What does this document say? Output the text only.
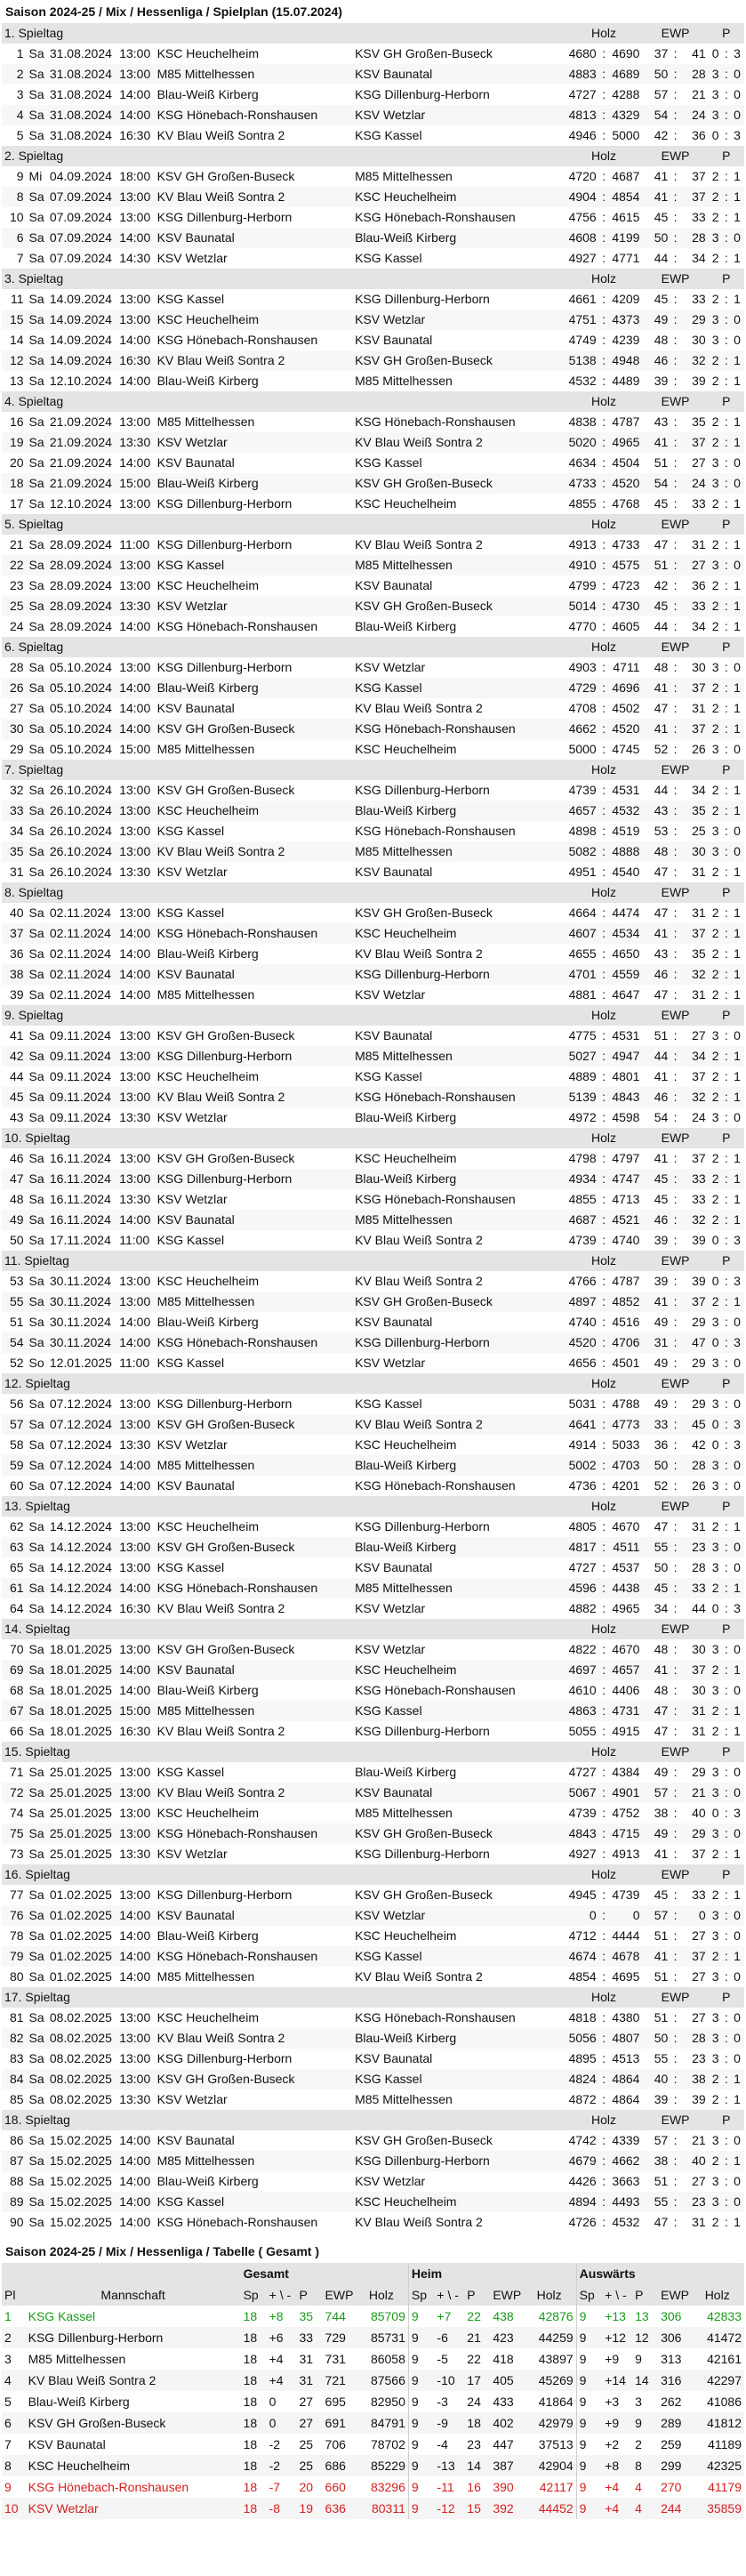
Saison 2024-25 / Mix / Hessenliga / Spielplan (15.07.2024)
1. Spieltag						Holz			EWP			P		
1	Sa	31.08.2024	13:00	KSC Heuchelheim	KSV GH Großen-Buseck	4680	:	4690	37	:	41	0	:	3
2	Sa	31.08.2024	13:00	M85 Mittelhessen	KSV Baunatal	4883	:	4689	50	:	28	3	:	0
3	Sa	31.08.2024	14:00	Blau-Weiß Kirberg	KSG Dillenburg-Herborn	4727	:	4288	57	:	21	3	:	0
4	Sa	31.08.2024	14:00	KSG Hönebach-Ronshausen	KSV Wetzlar	4813	:	4329	54	:	24	3	:	0
5	Sa	31.08.2024	16:30	KV Blau Weiß Sontra 2	KSG Kassel	4946	:	5000	42	:	36	0	:	3
2. Spieltag						Holz			EWP			P		
9	Mi	04.09.2024	18:00	KSV GH Großen-Buseck	M85 Mittelhessen	4720	:	4687	41	:	37	2	:	1
8	Sa	07.09.2024	13:00	KV Blau Weiß Sontra 2	KSC Heuchelheim	4904	:	4854	41	:	37	2	:	1
10	Sa	07.09.2024	13:00	KSG Dillenburg-Herborn	KSG Hönebach-Ronshausen	4756	:	4615	45	:	33	2	:	1
6	Sa	07.09.2024	14:00	KSV Baunatal	Blau-Weiß Kirberg	4608	:	4199	50	:	28	3	:	0
7	Sa	07.09.2024	14:30	KSV Wetzlar	KSG Kassel	4927	:	4771	44	:	34	2	:	1
3. Spieltag						Holz			EWP			P		
11	Sa	14.09.2024	13:00	KSG Kassel	KSG Dillenburg-Herborn	4661	:	4209	45	:	33	2	:	1
15	Sa	14.09.2024	13:00	KSC Heuchelheim	KSV Wetzlar	4751	:	4373	49	:	29	3	:	0
14	Sa	14.09.2024	14:00	KSG Hönebach-Ronshausen	KSV Baunatal	4749	:	4239	48	:	30	3	:	0
12	Sa	14.09.2024	16:30	KV Blau Weiß Sontra 2	KSV GH Großen-Buseck	5138	:	4948	46	:	32	2	:	1
13	Sa	12.10.2024	14:00	Blau-Weiß Kirberg	M85 Mittelhessen	4532	:	4489	39	:	39	2	:	1
4. Spieltag						Holz			EWP			P		
16	Sa	21.09.2024	13:00	M85 Mittelhessen	KSG Hönebach-Ronshausen	4838	:	4787	43	:	35	2	:	1
19	Sa	21.09.2024	13:30	KSV Wetzlar	KV Blau Weiß Sontra 2	5020	:	4965	41	:	37	2	:	1
20	Sa	21.09.2024	14:00	KSV Baunatal	KSG Kassel	4634	:	4504	51	:	27	3	:	0
18	Sa	21.09.2024	15:00	Blau-Weiß Kirberg	KSV GH Großen-Buseck	4733	:	4520	54	:	24	3	:	0
17	Sa	12.10.2024	13:00	KSG Dillenburg-Herborn	KSC Heuchelheim	4855	:	4768	45	:	33	2	:	1
5. Spieltag						Holz			EWP			P		
21	Sa	28.09.2024	11:00	KSG Dillenburg-Herborn	KV Blau Weiß Sontra 2	4913	:	4733	47	:	31	2	:	1
22	Sa	28.09.2024	13:00	KSG Kassel	M85 Mittelhessen	4910	:	4575	51	:	27	3	:	0
23	Sa	28.09.2024	13:00	KSC Heuchelheim	KSV Baunatal	4799	:	4723	42	:	36	2	:	1
25	Sa	28.09.2024	13:30	KSV Wetzlar	KSV GH Großen-Buseck	5014	:	4730	45	:	33	2	:	1
24	Sa	28.09.2024	14:00	KSG Hönebach-Ronshausen	Blau-Weiß Kirberg	4770	:	4605	44	:	34	2	:	1
6. Spieltag						Holz			EWP			P		
28	Sa	05.10.2024	13:00	KSG Dillenburg-Herborn	KSV Wetzlar	4903	:	4711	48	:	30	3	:	0
26	Sa	05.10.2024	14:00	Blau-Weiß Kirberg	KSG Kassel	4729	:	4696	41	:	37	2	:	1
27	Sa	05.10.2024	14:00	KSV Baunatal	KV Blau Weiß Sontra 2	4708	:	4502	47	:	31	2	:	1
30	Sa	05.10.2024	14:00	KSV GH Großen-Buseck	KSG Hönebach-Ronshausen	4662	:	4520	41	:	37	2	:	1
29	Sa	05.10.2024	15:00	M85 Mittelhessen	KSC Heuchelheim	5000	:	4745	52	:	26	3	:	0
7. Spieltag						Holz			EWP			P		
32	Sa	26.10.2024	13:00	KSV GH Großen-Buseck	KSG Dillenburg-Herborn	4739	:	4531	44	:	34	2	:	1
33	Sa	26.10.2024	13:00	KSC Heuchelheim	Blau-Weiß Kirberg	4657	:	4532	43	:	35	2	:	1
34	Sa	26.10.2024	13:00	KSG Kassel	KSG Hönebach-Ronshausen	4898	:	4519	53	:	25	3	:	0
35	Sa	26.10.2024	13:00	KV Blau Weiß Sontra 2	M85 Mittelhessen	5082	:	4888	48	:	30	3	:	0
31	Sa	26.10.2024	13:30	KSV Wetzlar	KSV Baunatal	4951	:	4540	47	:	31	2	:	1
8. Spieltag						Holz			EWP			P		
40	Sa	02.11.2024	13:00	KSG Kassel	KSV GH Großen-Buseck	4664	:	4474	47	:	31	2	:	1
37	Sa	02.11.2024	14:00	KSG Hönebach-Ronshausen	KSC Heuchelheim	4607	:	4534	41	:	37	2	:	1
36	Sa	02.11.2024	14:00	Blau-Weiß Kirberg	KV Blau Weiß Sontra 2	4655	:	4650	43	:	35	2	:	1
38	Sa	02.11.2024	14:00	KSV Baunatal	KSG Dillenburg-Herborn	4701	:	4559	46	:	32	2	:	1
39	Sa	02.11.2024	14:00	M85 Mittelhessen	KSV Wetzlar	4881	:	4647	47	:	31	2	:	1
9. Spieltag						Holz			EWP			P		
41	Sa	09.11.2024	13:00	KSV GH Großen-Buseck	KSV Baunatal	4775	:	4531	51	:	27	3	:	0
42	Sa	09.11.2024	13:00	KSG Dillenburg-Herborn	M85 Mittelhessen	5027	:	4947	44	:	34	2	:	1
44	Sa	09.11.2024	13:00	KSC Heuchelheim	KSG Kassel	4889	:	4801	41	:	37	2	:	1
45	Sa	09.11.2024	13:00	KV Blau Weiß Sontra 2	KSG Hönebach-Ronshausen	5139	:	4843	46	:	32	2	:	1
43	Sa	09.11.2024	13:30	KSV Wetzlar	Blau-Weiß Kirberg	4972	:	4598	54	:	24	3	:	0
10. Spieltag						Holz			EWP			P		
46	Sa	16.11.2024	13:00	KSV GH Großen-Buseck	KSC Heuchelheim	4798	:	4797	41	:	37	2	:	1
47	Sa	16.11.2024	13:00	KSG Dillenburg-Herborn	Blau-Weiß Kirberg	4934	:	4747	45	:	33	2	:	1
48	Sa	16.11.2024	13:30	KSV Wetzlar	KSG Hönebach-Ronshausen	4855	:	4713	45	:	33	2	:	1
49	Sa	16.11.2024	14:00	KSV Baunatal	M85 Mittelhessen	4687	:	4521	46	:	32	2	:	1
50	Sa	17.11.2024	11:00	KSG Kassel	KV Blau Weiß Sontra 2	4739	:	4740	39	:	39	0	:	3
11. Spieltag						Holz			EWP			P		
53	Sa	30.11.2024	13:00	KSC Heuchelheim	KV Blau Weiß Sontra 2	4766	:	4787	39	:	39	0	:	3
55	Sa	30.11.2024	13:00	M85 Mittelhessen	KSV GH Großen-Buseck	4897	:	4852	41	:	37	2	:	1
51	Sa	30.11.2024	14:00	Blau-Weiß Kirberg	KSV Baunatal	4740	:	4516	49	:	29	3	:	0
54	Sa	30.11.2024	14:00	KSG Hönebach-Ronshausen	KSG Dillenburg-Herborn	4520	:	4706	31	:	47	0	:	3
52	So	12.01.2025	11:00	KSG Kassel	KSV Wetzlar	4656	:	4501	49	:	29	3	:	0
12. Spieltag						Holz			EWP			P		
56	Sa	07.12.2024	13:00	KSG Dillenburg-Herborn	KSG Kassel	5031	:	4788	49	:	29	3	:	0
57	Sa	07.12.2024	13:00	KSV GH Großen-Buseck	KV Blau Weiß Sontra 2	4641	:	4773	33	:	45	0	:	3
58	Sa	07.12.2024	13:30	KSV Wetzlar	KSC Heuchelheim	4914	:	5033	36	:	42	0	:	3
59	Sa	07.12.2024	14:00	M85 Mittelhessen	Blau-Weiß Kirberg	5002	:	4703	50	:	28	3	:	0
60	Sa	07.12.2024	14:00	KSV Baunatal	KSG Hönebach-Ronshausen	4736	:	4201	52	:	26	3	:	0
13. Spieltag						Holz			EWP			P		
62	Sa	14.12.2024	13:00	KSC Heuchelheim	KSG Dillenburg-Herborn	4805	:	4670	47	:	31	2	:	1
63	Sa	14.12.2024	13:00	KSV GH Großen-Buseck	Blau-Weiß Kirberg	4817	:	4511	55	:	23	3	:	0
65	Sa	14.12.2024	13:00	KSG Kassel	KSV Baunatal	4727	:	4537	50	:	28	3	:	0
61	Sa	14.12.2024	14:00	KSG Hönebach-Ronshausen	M85 Mittelhessen	4596	:	4438	45	:	33	2	:	1
64	Sa	14.12.2024	16:30	KV Blau Weiß Sontra 2	KSV Wetzlar	4882	:	4965	34	:	44	0	:	3
14. Spieltag						Holz			EWP			P		
70	Sa	18.01.2025	13:00	KSV GH Großen-Buseck	KSV Wetzlar	4822	:	4670	48	:	30	3	:	0
69	Sa	18.01.2025	14:00	KSV Baunatal	KSC Heuchelheim	4697	:	4657	41	:	37	2	:	1
68	Sa	18.01.2025	14:00	Blau-Weiß Kirberg	KSG Hönebach-Ronshausen	4610	:	4406	48	:	30	3	:	0
67	Sa	18.01.2025	15:00	M85 Mittelhessen	KSG Kassel	4863	:	4731	47	:	31	2	:	1
66	Sa	18.01.2025	16:30	KV Blau Weiß Sontra 2	KSG Dillenburg-Herborn	5055	:	4915	47	:	31	2	:	1
15. Spieltag						Holz			EWP			P		
71	Sa	25.01.2025	13:00	KSG Kassel	Blau-Weiß Kirberg	4727	:	4384	49	:	29	3	:	0
72	Sa	25.01.2025	13:00	KV Blau Weiß Sontra 2	KSV Baunatal	5067	:	4901	57	:	21	3	:	0
74	Sa	25.01.2025	13:00	KSC Heuchelheim	M85 Mittelhessen	4739	:	4752	38	:	40	0	:	3
75	Sa	25.01.2025	13:00	KSG Hönebach-Ronshausen	KSV GH Großen-Buseck	4843	:	4715	49	:	29	3	:	0
73	Sa	25.01.2025	13:30	KSV Wetzlar	KSG Dillenburg-Herborn	4927	:	4913	41	:	37	2	:	1
16. Spieltag						Holz			EWP			P		
77	Sa	01.02.2025	13:00	KSG Dillenburg-Herborn	KSV GH Großen-Buseck	4945	:	4739	45	:	33	2	:	1
76	Sa	01.02.2025	14:00	KSV Baunatal	KSV Wetzlar	0	:	0	57	:	0	3	:	0
78	Sa	01.02.2025	14:00	Blau-Weiß Kirberg	KSC Heuchelheim	4712	:	4444	51	:	27	3	:	0
79	Sa	01.02.2025	14:00	KSG Hönebach-Ronshausen	KSG Kassel	4674	:	4678	41	:	37	2	:	1
80	Sa	01.02.2025	14:00	M85 Mittelhessen	KV Blau Weiß Sontra 2	4854	:	4695	51	:	27	3	:	0
17. Spieltag						Holz			EWP			P		
81	Sa	08.02.2025	13:00	KSC Heuchelheim	KSG Hönebach-Ronshausen	4818	:	4380	51	:	27	3	:	0
82	Sa	08.02.2025	13:00	KV Blau Weiß Sontra 2	Blau-Weiß Kirberg	5056	:	4807	50	:	28	3	:	0
83	Sa	08.02.2025	13:00	KSG Dillenburg-Herborn	KSV Baunatal	4895	:	4513	55	:	23	3	:	0
84	Sa	08.02.2025	13:00	KSV GH Großen-Buseck	KSG Kassel	4824	:	4864	40	:	38	2	:	1
85	Sa	08.02.2025	13:30	KSV Wetzlar	M85 Mittelhessen	4872	:	4864	39	:	39	2	:	1
18. Spieltag						Holz			EWP			P		
86	Sa	15.02.2025	14:00	KSV Baunatal	KSV GH Großen-Buseck	4742	:	4339	57	:	21	3	:	0
87	Sa	15.02.2025	14:00	M85 Mittelhessen	KSG Dillenburg-Herborn	4679	:	4662	38	:	40	2	:	1
88	Sa	15.02.2025	14:00	Blau-Weiß Kirberg	KSV Wetzlar	4426	:	3663	51	:	27	3	:	0
89	Sa	15.02.2025	14:00	KSG Kassel	KSC Heuchelheim	4894	:	4493	55	:	23	3	:	0
90	Sa	15.02.2025	14:00	KSG Hönebach-Ronshausen	KV Blau Weiß Sontra 2	4726	:	4532	47	:	31	2	:	1
Saison 2024-25 / Mix / Hessenliga / Tabelle ( Gesamt )
		Gesamt					Heim					Auswärts				
Pl	Mannschaft	Sp	+ \ -	P	EWP	Holz	Sp	+ \ -	P	EWP	Holz	Sp	+ \ -	P	EWP	Holz
1	KSG Kassel	18	+8	35	744	85709	9	+7	22	438	42876	9	+13	13	306	42833
2	KSG Dillenburg-Herborn	18	+6	33	729	85731	9	-6	21	423	44259	9	+12	12	306	41472
3	M85 Mittelhessen	18	+4	31	731	86058	9	-5	22	418	43897	9	+9	9	313	42161
4	KV Blau Weiß Sontra 2	18	+4	31	721	87566	9	-10	17	405	45269	9	+14	14	316	42297
5	Blau-Weiß Kirberg	18	0	27	695	82950	9	-3	24	433	41864	9	+3	3	262	41086
6	KSV GH Großen-Buseck	18	0	27	691	84791	9	-9	18	402	42979	9	+9	9	289	41812
7	KSV Baunatal	18	-2	25	706	78702	9	-4	23	447	37513	9	+2	2	259	41189
8	KSC Heuchelheim	18	-2	25	686	85229	9	-13	14	387	42904	9	+8	8	299	42325
9	KSG Hönebach-Ronshausen	18	-7	20	660	83296	9	-11	16	390	42117	9	+4	4	270	41179
10	KSV Wetzlar	18	-8	19	636	80311	9	-12	15	392	44452	9	+4	4	244	35859
